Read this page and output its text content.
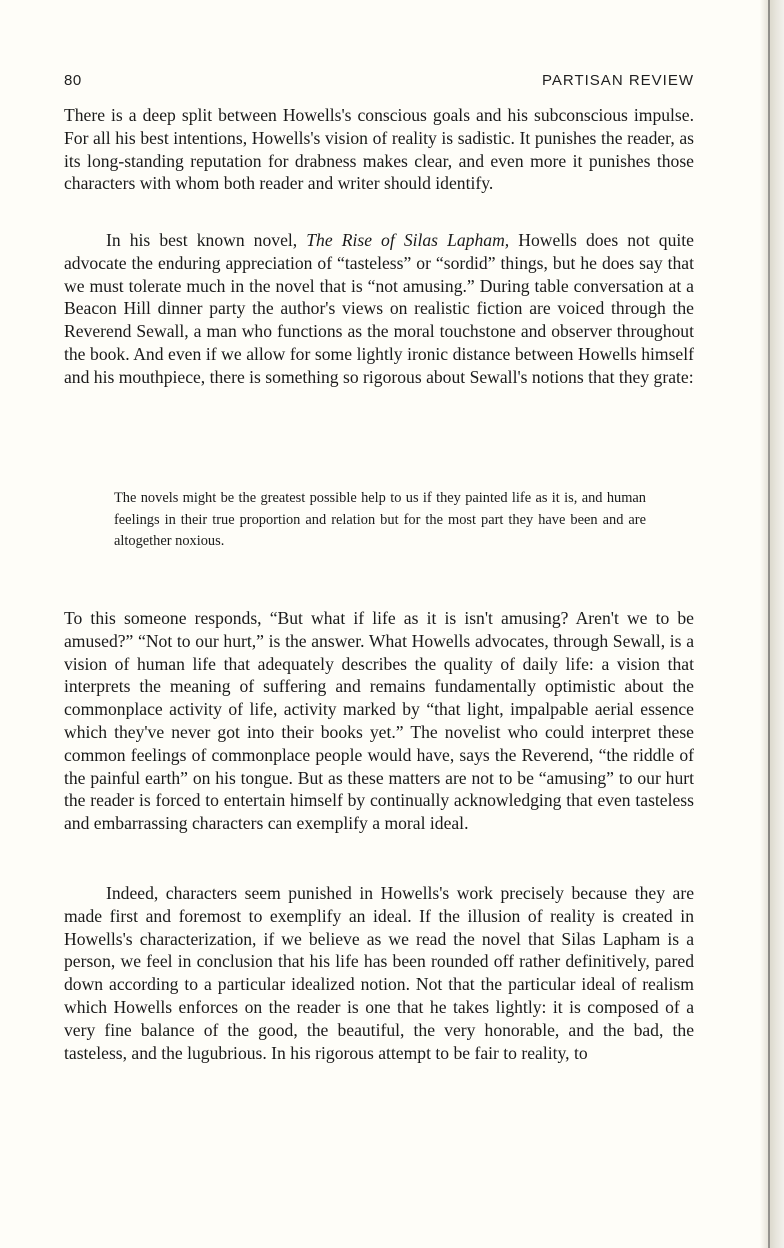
80	PARTISAN REVIEW

There is a deep split between Howells's conscious goals and his subconscious impulse. For all his best intentions, Howells's vision of reality is sadistic. It punishes the reader, as its long-standing reputation for drabness makes clear, and even more it punishes those characters with whom both reader and writer should identify.

In his best known novel, The Rise of Silas Lapham, Howells does not quite advocate the enduring appreciation of “tasteless” or “sordid” things, but he does say that we must tolerate much in the novel that is “not amusing.” During table conversation at a Beacon Hill dinner party the author's views on realistic fiction are voiced through the Reverend Sewall, a man who functions as the moral touchstone and observer throughout the book. And even if we allow for some lightly ironic distance between Howells himself and his mouthpiece, there is something so rigorous about Sewall's notions that they grate:

The novels might be the greatest possible help to us if they painted life as it is, and human feelings in their true proportion and relation but for the most part they have been and are altogether noxious.

To this someone responds, “But what if life as it is isn't amusing? Aren't we to be amused?” “Not to our hurt,” is the answer. What Howells advocates, through Sewall, is a vision of human life that adequately describes the quality of daily life: a vision that interprets the meaning of suffering and remains fundamentally optimistic about the commonplace activity of life, activity marked by “that light, impalpable aerial essence which they've never got into their books yet.” The novelist who could interpret these common feelings of commonplace people would have, says the Reverend, “the riddle of the painful earth” on his tongue. But as these matters are not to be “amusing” to our hurt the reader is forced to entertain himself by continually acknowledging that even tasteless and embarrassing characters can exemplify a moral ideal.

Indeed, characters seem punished in Howells's work precisely because they are made first and foremost to exemplify an ideal. If the illusion of reality is created in Howells's characterization, if we believe as we read the novel that Silas Lapham is a person, we feel in conclusion that his life has been rounded off rather definitively, pared down according to a particular idealized notion. Not that the particular ideal of realism which Howells enforces on the reader is one that he takes lightly: it is composed of a very fine balance of the good, the beautiful, the very honorable, and the bad, the tasteless, and the lugubrious. In his rigorous attempt to be fair to reality, to
